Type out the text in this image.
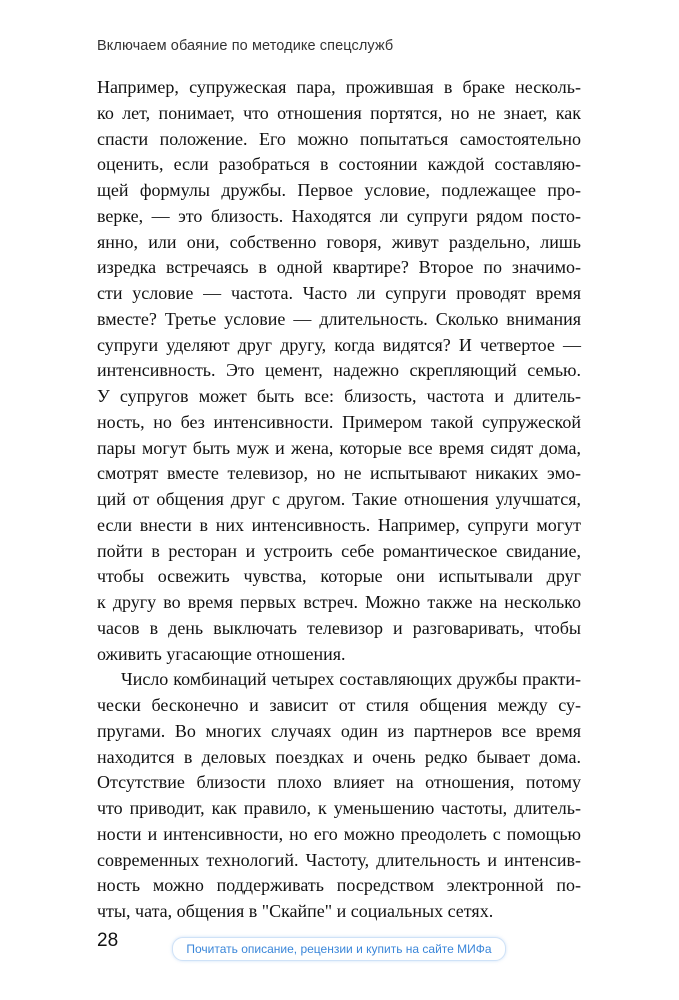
Включаем обаяние по методике спецслужб
Например, супружеская пара, прожившая в браке несколь-
ко лет, понимает, что отношения портятся, но не знает, как
спасти положение. Его можно попытаться самостоятельно
оценить, если разобраться в состоянии каждой составляю-
щей формулы дружбы. Первое условие, подлежащее про-
верке, — это близость. Находятся ли супруги рядом посто-
янно, или они, собственно говоря, живут раздельно, лишь
изредка встречаясь в одной квартире? Второе по значимо-
сти условие — частота. Часто ли супруги проводят время
вместе? Третье условие — длительность. Сколько внимания
супруги уделяют друг другу, когда видятся? И четвертое —
интенсивность. Это цемент, надежно скрепляющий семью.
У супругов может быть все: близость, частота и длитель-
ность, но без интенсивности. Примером такой супружеской
пары могут быть муж и жена, которые все время сидят дома,
смотрят вместе телевизор, но не испытывают никаких эмо-
ций от общения друг с другом. Такие отношения улучшатся,
если внести в них интенсивность. Например, супруги могут
пойти в ресторан и устроить себе романтическое свидание,
чтобы освежить чувства, которые они испытывали друг
к другу во время первых встреч. Можно также на несколько
часов в день выключать телевизор и разговаривать, чтобы
оживить угасающие отношения.
Число комбинаций четырех составляющих дружбы практи-
чески бесконечно и зависит от стиля общения между су-
пругами. Во многих случаях один из партнеров все время
находится в деловых поездках и очень редко бывает дома.
Отсутствие близости плохо влияет на отношения, потому
что приводит, как правило, к уменьшению частоты, длитель-
ности и интенсивности, но его можно преодолеть с помощью
современных технологий. Частоту, длительность и интенсив-
ность можно поддерживать посредством электронной по-
чты, чата, общения в "Скайпе" и социальных сетях.
28	Почитать описание, рецензии и купить на сайте МИФа
